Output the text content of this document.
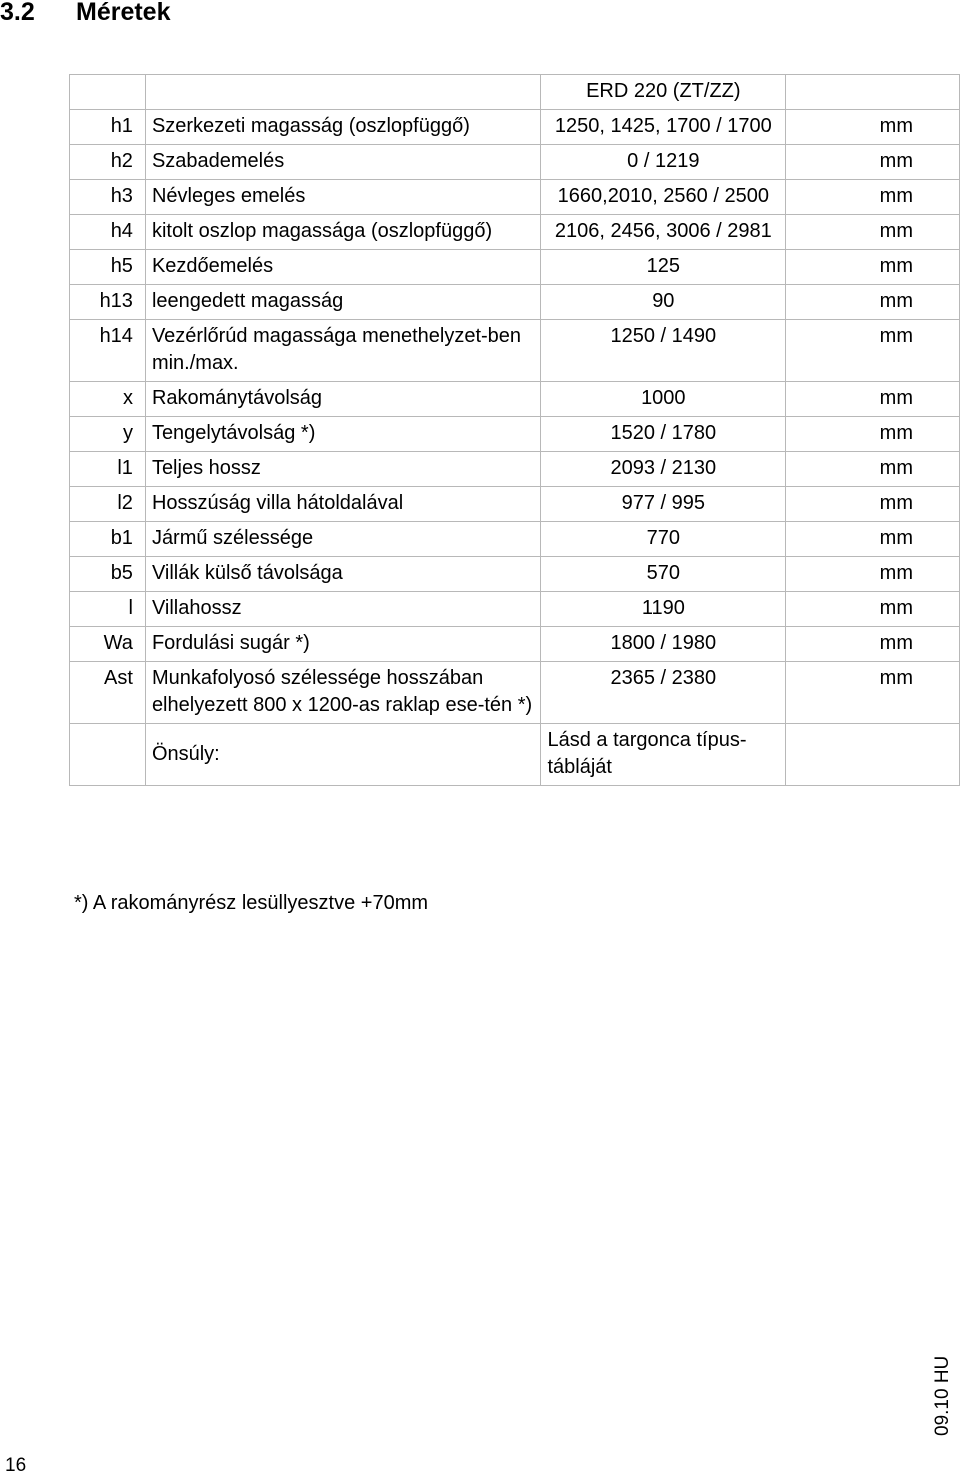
3.2 Méretek
		ERD 220 (ZT/ZZ)	
h1	Szerkezeti magasság (oszlopfüggő)	1250, 1425, 1700 / 1700	mm
h2	Szabademelés	0 / 1219	mm
h3	Névleges emelés	1660,2010, 2560 / 2500	mm
h4	kitolt oszlop magassága (oszlopfüggő)	2106, 2456, 3006 / 2981	mm
h5	Kezdőemelés	125	mm
h13	leengedett magasság	90	mm
h14	Vezérlőrúd magassága menethelyzet-ben min./max.	1250 / 1490	mm
x	Rakománytávolság	1000	mm
y	Tengelytávolság *)	1520 / 1780	mm
l1	Teljes hossz	2093 / 2130	mm
l2	Hosszúság villa hátoldalával	977 / 995	mm
b1	Jármű szélessége	770	mm
b5	Villák külső távolsága	570	mm
l	Villahossz	1190	mm
Wa	Fordulási sugár *)	1800 / 1980	mm
Ast	Munkafolyosó szélessége hosszában elhelyezett 800 x 1200-as raklap ese-tén *)	2365 / 2380	mm
	Önsúly:	Lásd a targonca típus-tábláját	
*) A rakományrész lesüllyesztve +70mm
16
09.10 HU
